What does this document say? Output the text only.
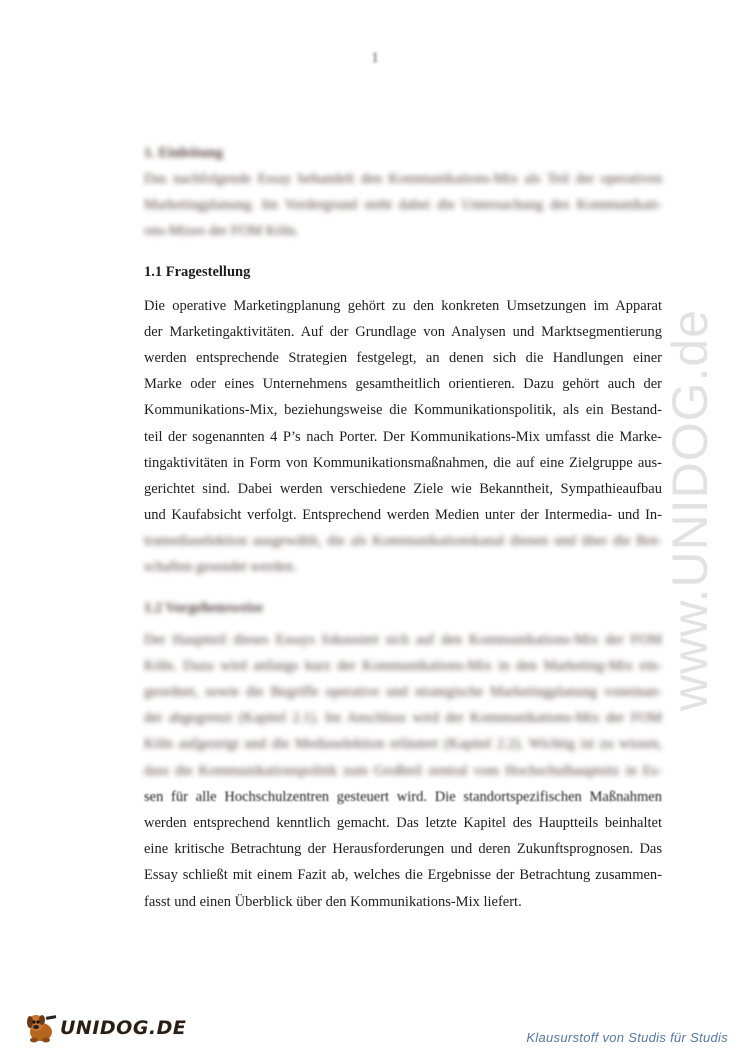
1
www.UNIDOG.de

1. Einleitung

Das nachfolgende Essay behandelt den Kommunikations-Mix als Teil der operativen
Marketingplanung. Im Vordergrund steht dabei die Untersuchung des Kommunikati-
ons-Mixes der FOM Köln.

1.1 Fragestellung

Die operative Marketingplanung gehört zu den konkreten Umsetzungen im Apparat
der Marketingaktivitäten. Auf der Grundlage von Analysen und Marktsegmentierung
werden entsprechende Strategien festgelegt, an denen sich die Handlungen einer
Marke oder eines Unternehmens gesamtheitlich orientieren. Dazu gehört auch der
Kommunikations-Mix, beziehungsweise die Kommunikationspolitik, als ein Bestand-
teil der sogenannten 4 P’s nach Porter. Der Kommunikations-Mix umfasst die Marke-
tingaktivitäten in Form von Kommunikationsmaßnahmen, die auf eine Zielgruppe aus-
gerichtet sind. Dabei werden verschiedene Ziele wie Bekanntheit, Sympathieaufbau
und Kaufabsicht verfolgt. Entsprechend werden Medien unter der Intermedia- und In-
tramediaselektion ausgewählt, die als Kommunikationskanal dienen und über die Bot-
schaften gesendet werden.

1.2 Vorgehensweise

Der Hauptteil dieses Essays fokussiert sich auf den Kommunikations-Mix der FOM
Köln. Dazu wird anfangs kurz der Kommunikations-Mix in den Marketing-Mix ein-
geordnet, sowie die Begriffe operative und strategische Marketingplanung voneinan-
der abgegrenzt (Kapitel 2.1). Im Anschluss wird der Kommunikations-Mix der FOM
Köln aufgezeigt und die Mediaselektion erläutert (Kapitel 2.2). Wichtig ist zu wissen,
dass die Kommunikationspolitik zum Großteil zentral vom Hochschulhauptsitz in Es-
sen für alle Hochschulzentren gesteuert wird. Die standortspezifischen Maßnahmen
werden entsprechend kenntlich gemacht. Das letzte Kapitel des Hauptteils beinhaltet
eine kritische Betrachtung der Herausforderungen und deren Zukunftsprognosen. Das
Essay schließt mit einem Fazit ab, welches die Ergebnisse der Betrachtung zusammen-
fasst und einen Überblick über den Kommunikations-Mix liefert.
UNIDOG.DE	Klausurstoff von Studis für Studis
